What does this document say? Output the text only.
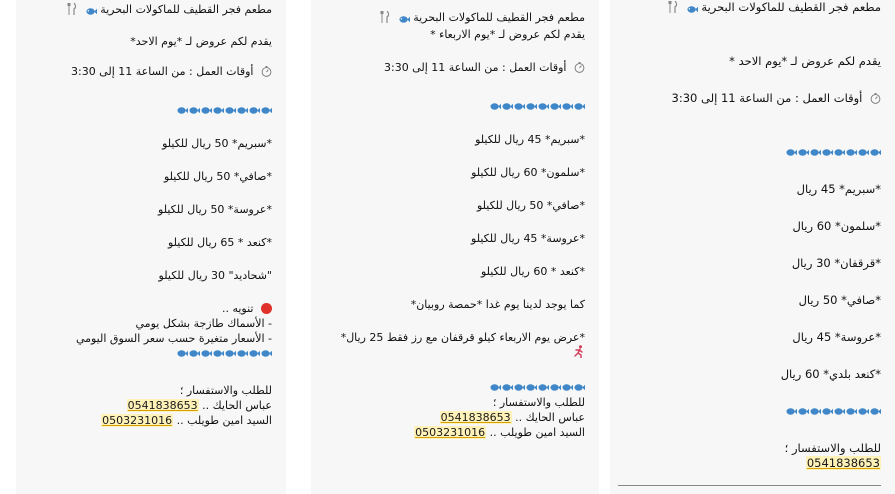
مطعم فجر القطيف للماكولات البحرية
يقدم لكم عروض لـ *يوم الاحد*
أوقات العمل : من الساعة 11 إلى 3:30
*سبريم* 50 ريال للكيلو
*صافي* 50 ريال للكيلو
*عروسة* 50 ريال للكيلو
*كنعد * 65 ريال للكيلو
"شحاديد" 30 ريال للكيلو
تنويه ..
- الأسماك طازجة بشكل يومي
- الأسعار متغيرة حسب سعر السوق اليومي
للطلب والاستفسار ؛
عباس الحايك .. 0541838653
السيد امين طويلب .. 0503231016
مطعم فجر القطيف للماكولات البحرية
يقدم لكم عروض لـ *يوم الاربعاء *
أوقات العمل : من الساعة 11 إلى 3:30
*سبريم* 45 ريال للكيلو
*سلمون* 60 ريال للكيلو
*صافي* 50 ريال للكيلو
*عروسة* 45 ريال للكيلو
*كنعد * 60 ريال للكيلو
كما يوجد لدينا يوم غدا *حمصة روبيان*
*عرض يوم الاربعاء كيلو قرقفان مع رز فقط 25 ريال*
للطلب والاستفسار ؛
عباس الحايك .. 0541838653
السيد امين طويلب .. 0503231016
مطعم فجر القطيف للماكولات البحرية
يقدم لكم عروض لـ *يوم الاحد *
أوقات العمل : من الساعة 11 إلى 3:30
*سبريم* 45 ريال
*سلمون* 60 ريال
*قرقفان* 30 ريال
*صافي* 50 ريال
*عروسة* 45 ريال
*كنعد بلدي* 60 ريال
للطلب والاستفسار ؛
0541838653
